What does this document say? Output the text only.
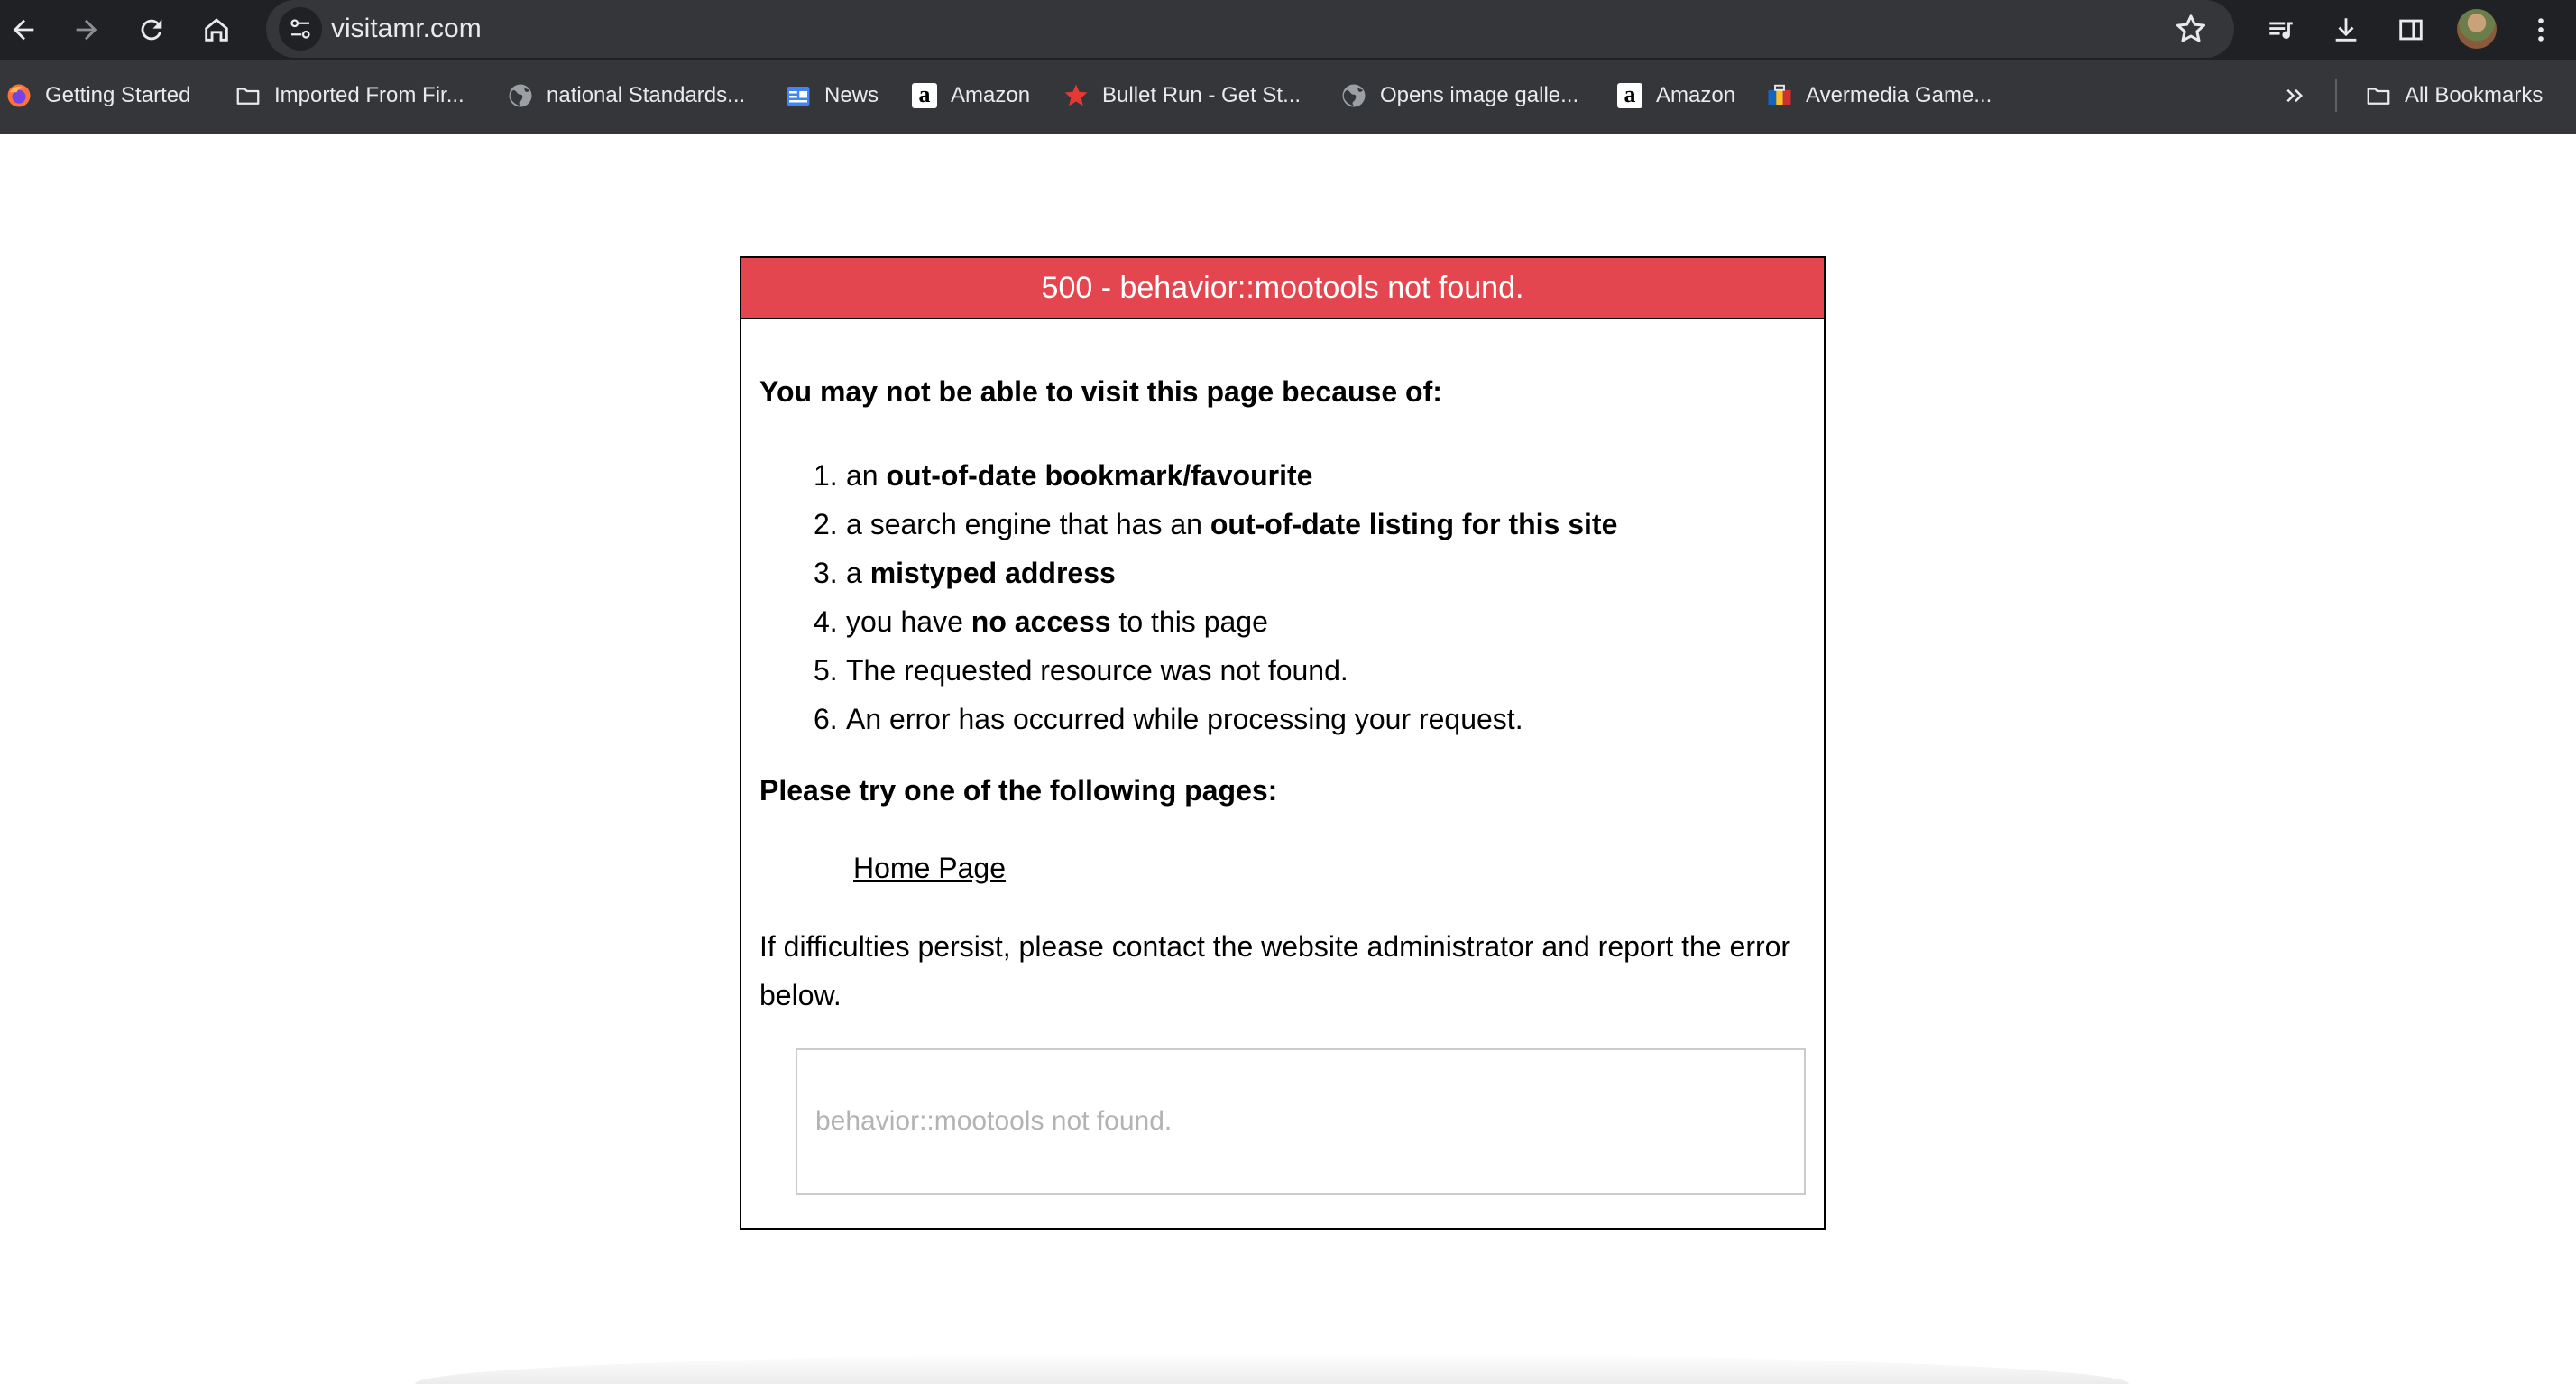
visitamr.com
Getting Started	Imported From Fir...	national Standards...	News a Amazon	Bullet Run - Get St...	Opens image galle... a Amazon	Avermedia Game...	All Bookmarks
500 - behavior::mootools not found.
You may not be able to visit this page because of:
1. an out-of-date bookmark/favourite
2. a search engine that has an out-of-date listing for this site
3. a mistyped address
4. you have no access to this page
5. The requested resource was not found.
6. An error has occurred while processing your request.
Please try one of the following pages:
Home Page
If difficulties persist, please contact the website administrator and report the error below.
behavior::mootools not found.
